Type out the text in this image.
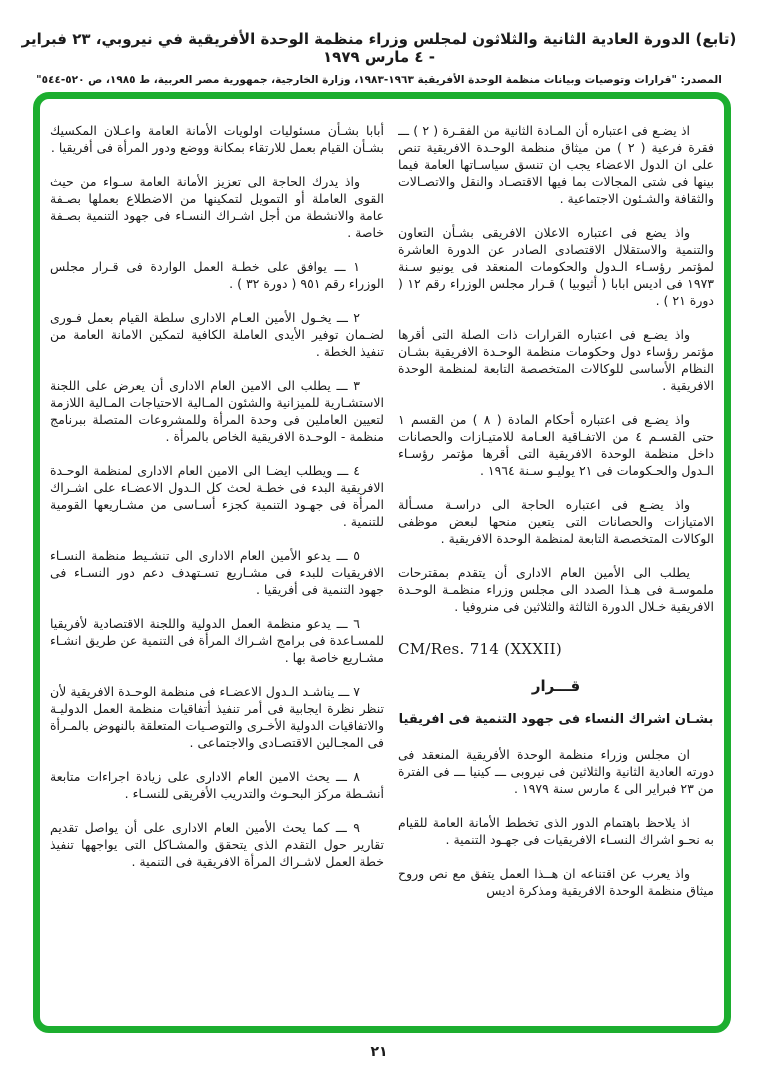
(تابع) الدورة العادية الثانية والثلاثون لمجلس وزراء منظمة الوحدة الأفريقية في نيروبي، ٢٣ فبراير - ٤ مارس ١٩٧٩
المصدر: "قرارات وتوصيات وبيانات منظمة الوحدة الأفريقية ١٩٦٣-١٩٨٣، وزارة الخارجية، جمهورية مصر العربية، ط ١٩٨٥، ص ٥٢٠-٥٤٤"

اذ يضـع فى اعتباره أن المـادة الثانية من الفقـرة ( ٢ ) ـــ فقرة فرعية ( ٢ ) من ميثاق منظمة الوحـدة الافريقية تنص على ان الدول الاعضاء يجب ان تنسق سياسـاتها العامة فيما بينها فى شتى المجالات بما فيها الاقتصـاد والنقل والاتصـالات والثقافة والشـئون الاجتماعية .

واذ يضع فى اعتباره الاعلان الافريقى بشـأن التعاون والتنمية والاستقلال الاقتصادى الصادر عن الدورة العاشرة لمؤتمر رؤسـاء الـدول والحكومات المنعقد فى يونيو سـنة ١٩٧٣ فى اديس ابابا ( أثيوبيا ) قـرار مجلس الوزراء رقم ١٢ ( دورة ٢١ ) .

واذ يضـع فى اعتباره القرارات ذات الصلة التى أقرها مؤتمر رؤساء دول وحكومات منظمة الوحـدة الافريقية بشـان النظام الأساسى للوكالات المتخصصة التابعة لمنظمة الوحدة الافريقية .

واذ يضـع فى اعتباره أحكام المادة ( ٨ ) من القسم ١ حتى القسـم ٤ من الاتفـاقية العـامة للامتيـازات والحصانات داخل منظمة الوحدة الافريقية التى أقرها مؤتمر رؤسـاء الـدول والحـكومات فى ٢١ يوليـو سـنة ١٩٦٤ .

واذ يضـع فى اعتباره الحاجة الى دراسـة مسـألة الامتيازات والحصانات التى يتعين منحها لبعض موظفى الوكالات المتخصصة التابعة لمنظمة الوحدة الافريقية .

يطلب الى الأمين العام الادارى أن يتقدم بمقترحات ملموسـة فى هـذا الصدد الى مجلس وزراء منظمـة الوحـدة الافريقية خـلال الدورة الثالثة والثلاثين فى منروفيا .

CM/Res. 714 (XXXII)
قـــرار
بشـان اشراك النساء فى جهود التنمية فى افريقيا

ان مجلس وزراء منظمة الوحدة الأفريقية المنعقد فى دورته العادية الثانية والثلاثين فى نيروبى ـــ كينيا ـــ فى الفترة من ٢٣ فبراير الى ٤ مارس سنة ١٩٧٩ .

اذ يلاحظ باهتمام الدور الذى تخطط الأمانة العامة للقيام به نحـو اشراك النسـاء الافريقيات فى جهـود التنمية .

واذ يعرب عن اقتناعه ان هــذا العمل يتفق مع نص وروح ميثاق منظمة الوحدة الافريقية ومذكرة اديس

أبابا بشـأن مسئوليات اولويات الأمانة العامة واعـلان المكسيك بشـأن القيام بعمل للارتقاء بمكانة ووضع ودور المرأة فى أفريقيا .

واذ يدرك الحاجة الى تعزيز الأمانة العامة سـواء من حيث القوى العاملة أو التمويل لتمكينها من الاضطلاع بعملها بصـفة عامة والانشطة من أجل اشـراك النسـاء فى جهود التنمية بصـفة خاصة .

١ ـــ يوافق على خطـة العمل الواردة فى قـرار مجلس الوزراء رقم ٩٥١ ( دورة ٣٢ ) .

٢ ـــ يخـول الأمين العـام الادارى سلطة القيام بعمل فـورى لضـمان توفير الأيدى العاملة الكافية لتمكين الامانة العامة من تنفيذ الخطة .

٣ ـــ يطلب الى الامين العام الادارى أن يعرض على اللجنة الاستشـارية للميزانية والشئون المـالية الاحتياجات المـالية اللازمة لتعيين العاملين فى وحدة المرأة وللمشروعات المتصلة ببرنامج منظمة - الوحـدة الافريقية الخاص بالمرأة .

٤ ـــ ويطلب ايضـا الى الامين العام الادارى لمنظمة الوحـدة الافريقية البدء فى خطـة لحث كل الـدول الاعضـاء على اشـراك المرأة فى جهـود التنمية كجزء أسـاسى من مشـاريعها القومية للتنمية .

٥ ـــ يدعو الأمين العام الادارى الى تنشـيط منظمة النسـاء الافريقيات للبدء فى مشـاريع تسـتهدف دعم دور النسـاء فى جهود التنمية فى أفريقيا .

٦ ـــ يدعو منظمة العمل الدولية واللجنة الاقتصادية لأفريقيا للمسـاعدة فى برامج اشـراك المرأة فى التنمية عن طريق انشـاء مشـاريع خاصة بها .

٧ ـــ يناشـد الـدول الاعضـاء فى منظمة الوحـدة الافريقية لأن تنظر نظرة ايجابية فى أمر تنفيذ أتفاقيات منظمة العمل الدوليـة والاتفاقيات الدولية الأخـرى والتوصـيات المتعلقة بالنهوض بالمـرأة فى المجـالين الاقتصـادى والاجتماعى .

٨ ـــ يحث الامين العام الادارى على زيادة اجراءات متابعة أنشـطة مركز البحـوث والتدريب الأفريقى للنسـاء .

٩ ـــ كما يحث الأمين العام الادارى على أن يواصل تقديم تقارير حول التقدم الذى يتحقق والمشـاكل التى يواجهها تنفيذ خطة العمل لاشـراك المرأة الافريقية فى التنمية .

٢١
